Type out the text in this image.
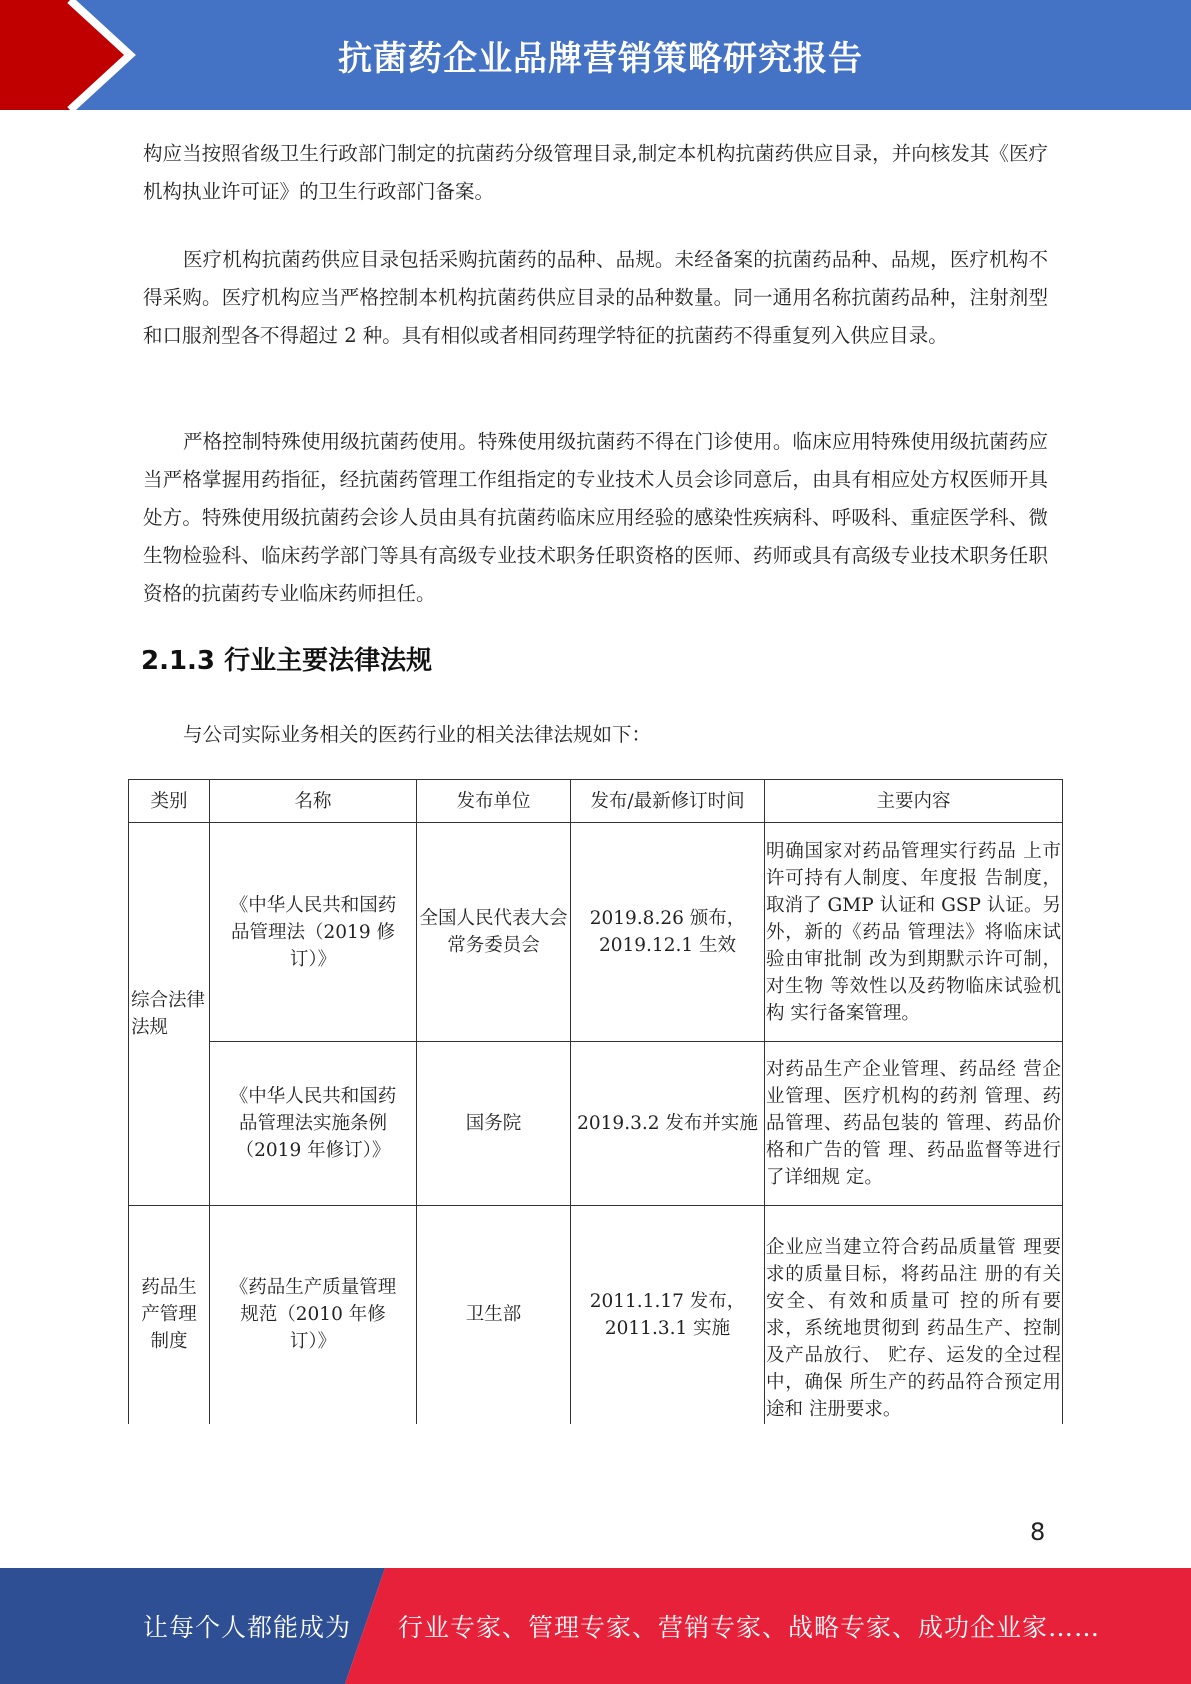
抗菌药企业品牌营销策略研究报告

构应当按照省级卫生行政部门制定的抗菌药分级管理目录,制定本机构抗菌药供应目录，并向核发其《医疗机构执业许可证》的卫生行政部门备案。

医疗机构抗菌药供应目录包括采购抗菌药的品种、品规。未经备案的抗菌药品种、品规，医疗机构不得采购。医疗机构应当严格控制本机构抗菌药供应目录的品种数量。同一通用名称抗菌药品种，注射剂型和口服剂型各不得超过 2 种。具有相似或者相同药理学特征的抗菌药不得重复列入供应目录。

严格控制特殊使用级抗菌药使用。特殊使用级抗菌药不得在门诊使用。临床应用特殊使用级抗菌药应当严格掌握用药指征，经抗菌药管理工作组指定的专业技术人员会诊同意后，由具有相应处方权医师开具处方。特殊使用级抗菌药会诊人员由具有抗菌药临床应用经验的感染性疾病科、呼吸科、重症医学科、微生物检验科、临床药学部门等具有高级专业技术职务任职资格的医师、药师或具有高级专业技术职务任职资格的抗菌药专业临床药师担任。

2.1.3 行业主要法律法规

与公司实际业务相关的医药行业的相关法律法规如下：

类别	名称	发布单位	发布/最新修订时间	主要内容
综合法律法规	《中华人民共和国药品管理法（2019 修订）》	全国人民代表大会常务委员会	2019.8.26 颁布，2019.12.1 生效	明确国家对药品管理实行药品 上市许可持有人制度、年度报 告制度，取消了 GMP 认证和 GSP 认证。另外，新的《药品 管理法》将临床试验由审批制 改为到期默示许可制，对生物 等效性以及药物临床试验机构 实行备案管理。
	《中华人民共和国药品管理法实施条例（2019 年修订）》	国务院	2019.3.2 发布并实施	对药品生产企业管理、药品经 营企业管理、医疗机构的药剂 管理、药品管理、药品包装的 管理、药品价格和广告的管 理、药品监督等进行了详细规 定。
药品生产管理制度	《药品生产质量管理规范（2010 年修订）》	卫生部	2011.1.17 发布，2011.3.1 实施	企业应当建立符合药品质量管 理要求的质量目标，将药品注 册的有关安全、有效和质量可 控的所有要求，系统地贯彻到 药品生产、控制及产品放行、 贮存、运发的全过程中，确保 所生产的药品符合预定用途和 注册要求。
8
让每个人都能成为 行业专家、管理专家、营销专家、战略专家、成功企业家……
